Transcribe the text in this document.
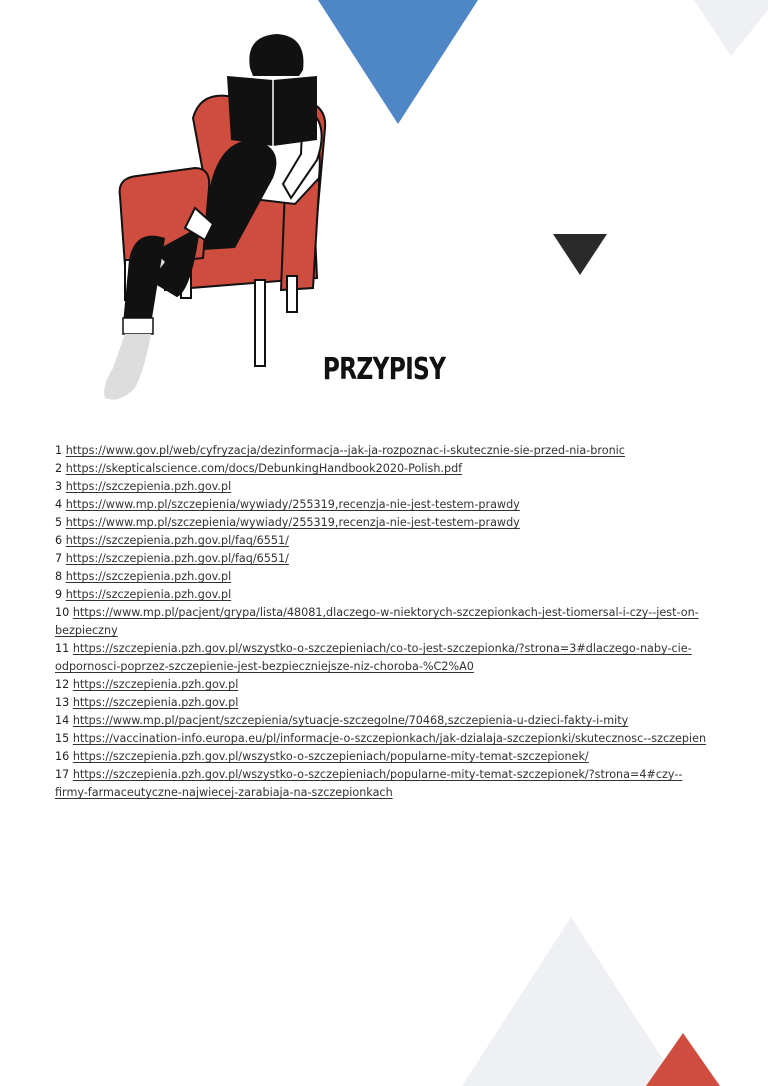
PRZYPISY

1 https://www.gov.pl/web/cyfryzacja/dezinformacja--jak-ja-rozpoznac-i-skutecznie-sie-przed-nia-bronic

2 https://skepticalscience.com/docs/DebunkingHandbook2020-Polish.pdf

3 https://szczepienia.pzh.gov.pl

4 https://www.mp.pl/szczepienia/wywiady/255319,recenzja-nie-jest-testem-prawdy

5 https://www.mp.pl/szczepienia/wywiady/255319,recenzja-nie-jest-testem-prawdy

6 https://szczepienia.pzh.gov.pl/faq/6551/

7 https://szczepienia.pzh.gov.pl/faq/6551/

8 https://szczepienia.pzh.gov.pl

9 https://szczepienia.pzh.gov.pl

10 https://www.mp.pl/pacjent/grypa/lista/48081,dlaczego-w-niektorych-szczepionkach-jest-tiomersal-i-czy--jest-on-bezpieczny

11 https://szczepienia.pzh.gov.pl/wszystko-o-szczepieniach/co-to-jest-szczepionka/?strona=3#dlaczego-naby-cie-odpornosci-poprzez-szczepienie-jest-bezpieczniejsze-niz-choroba-%C2%A0

12 https://szczepienia.pzh.gov.pl

13 https://szczepienia.pzh.gov.pl

14 https://www.mp.pl/pacjent/szczepienia/sytuacje-szczegolne/70468,szczepienia-u-dzieci-fakty-i-mity

15 https://vaccination-info.europa.eu/pl/informacje-o-szczepionkach/jak-dzialaja-szczepionki/skutecznosc--szczepien

16 https://szczepienia.pzh.gov.pl/wszystko-o-szczepieniach/popularne-mity-temat-szczepionek/

17 https://szczepienia.pzh.gov.pl/wszystko-o-szczepieniach/popularne-mity-temat-szczepionek/?strona=4#czy--firmy-farmaceutyczne-najwiecej-zarabiaja-na-szczepionkach
